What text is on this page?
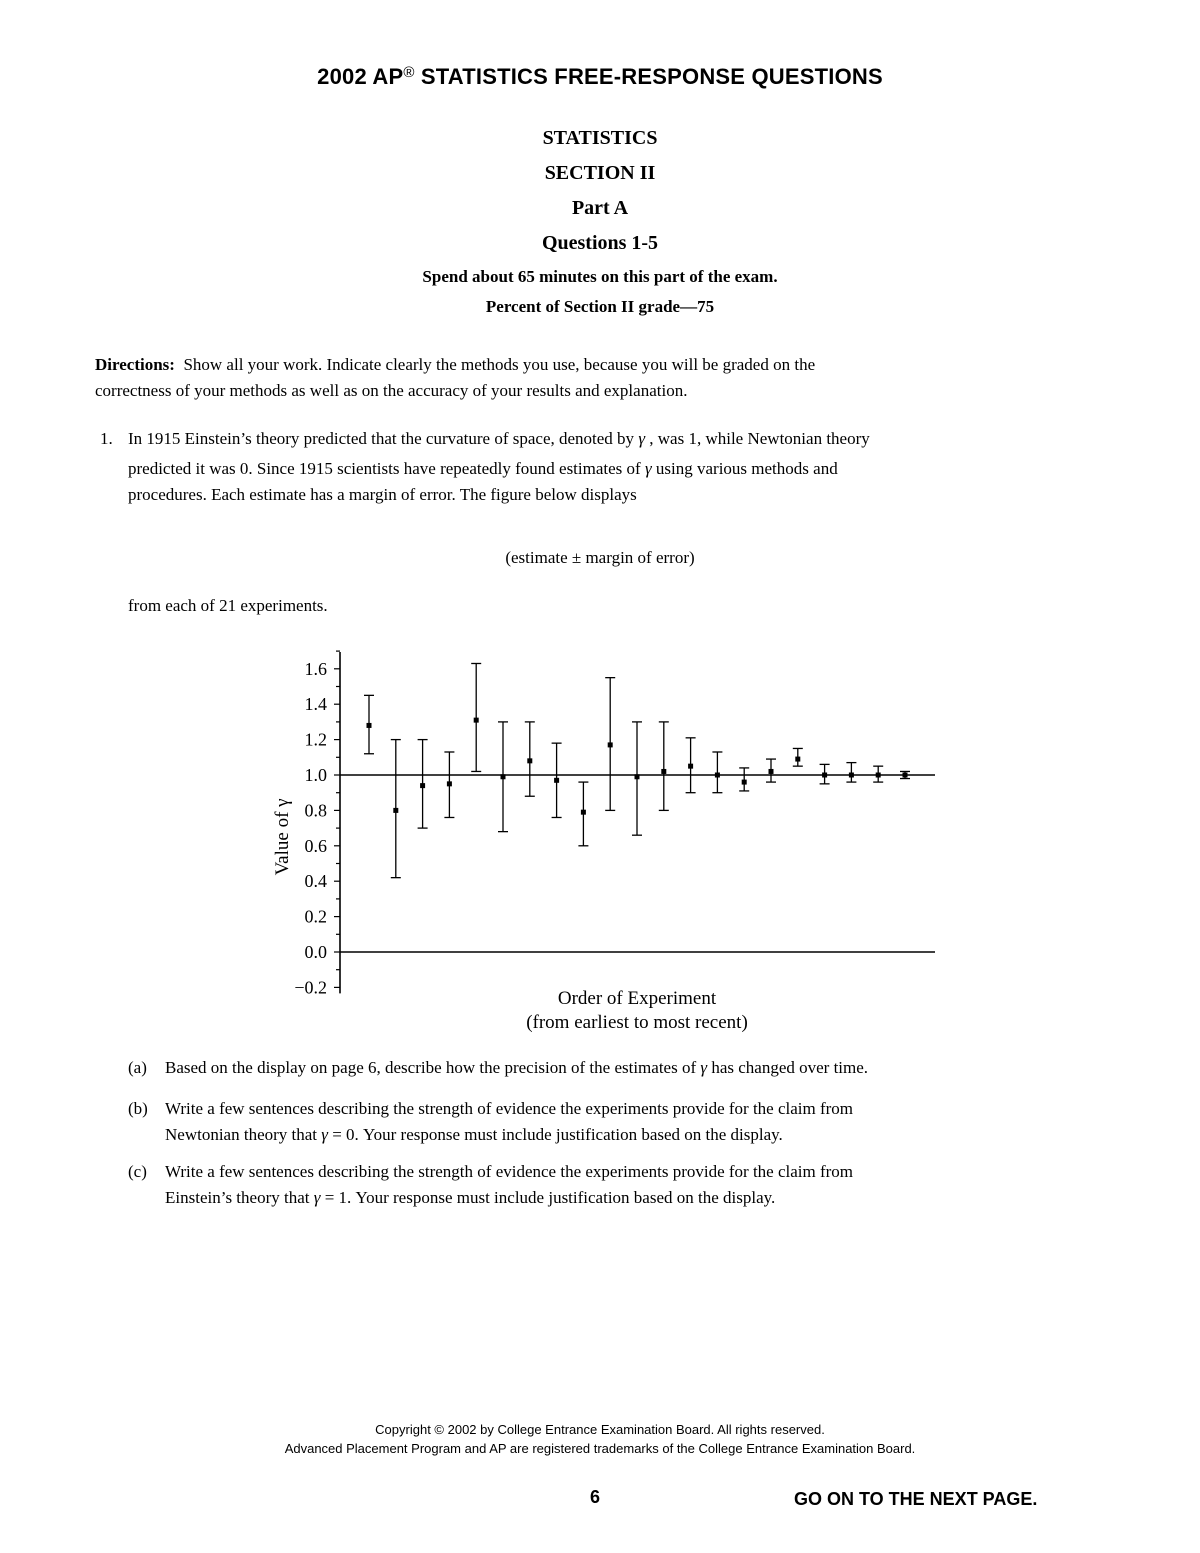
2002 AP® STATISTICS FREE-RESPONSE QUESTIONS
STATISTICS
SECTION II
Part A
Questions 1-5
Spend about 65 minutes on this part of the exam.
Percent of Section II grade—75
Directions: Show all your work. Indicate clearly the methods you use, because you will be graded on the
correctness of your methods as well as on the accuracy of your results and explanation.
1. In 1915 Einstein’s theory predicted that the curvature of space, denoted by γ , was 1, while Newtonian theory
predicted it was 0. Since 1915 scientists have repeatedly found estimates of γ using various methods and
procedures. Each estimate has a margin of error. The figure below displays
(estimate ± margin of error)
from each of 21 experiments.
−0.2
0.0
0.2
0.4
0.6
0.8
1.0
1.2
1.4
1.6
Value of γ
Order of Experiment
(from earliest to most recent)
(a) Based on the display on page 6, describe how the precision of the estimates of γ has changed over time.
(b) Write a few sentences describing the strength of evidence the experiments provide for the claim from
Newtonian theory that γ = 0. Your response must include justification based on the display.
(c) Write a few sentences describing the strength of evidence the experiments provide for the claim from
Einstein’s theory that γ = 1. Your response must include justification based on the display.
Copyright © 2002 by College Entrance Examination Board. All rights reserved.
Advanced Placement Program and AP are registered trademarks of the College Entrance Examination Board.
6	GO ON TO THE NEXT PAGE.
